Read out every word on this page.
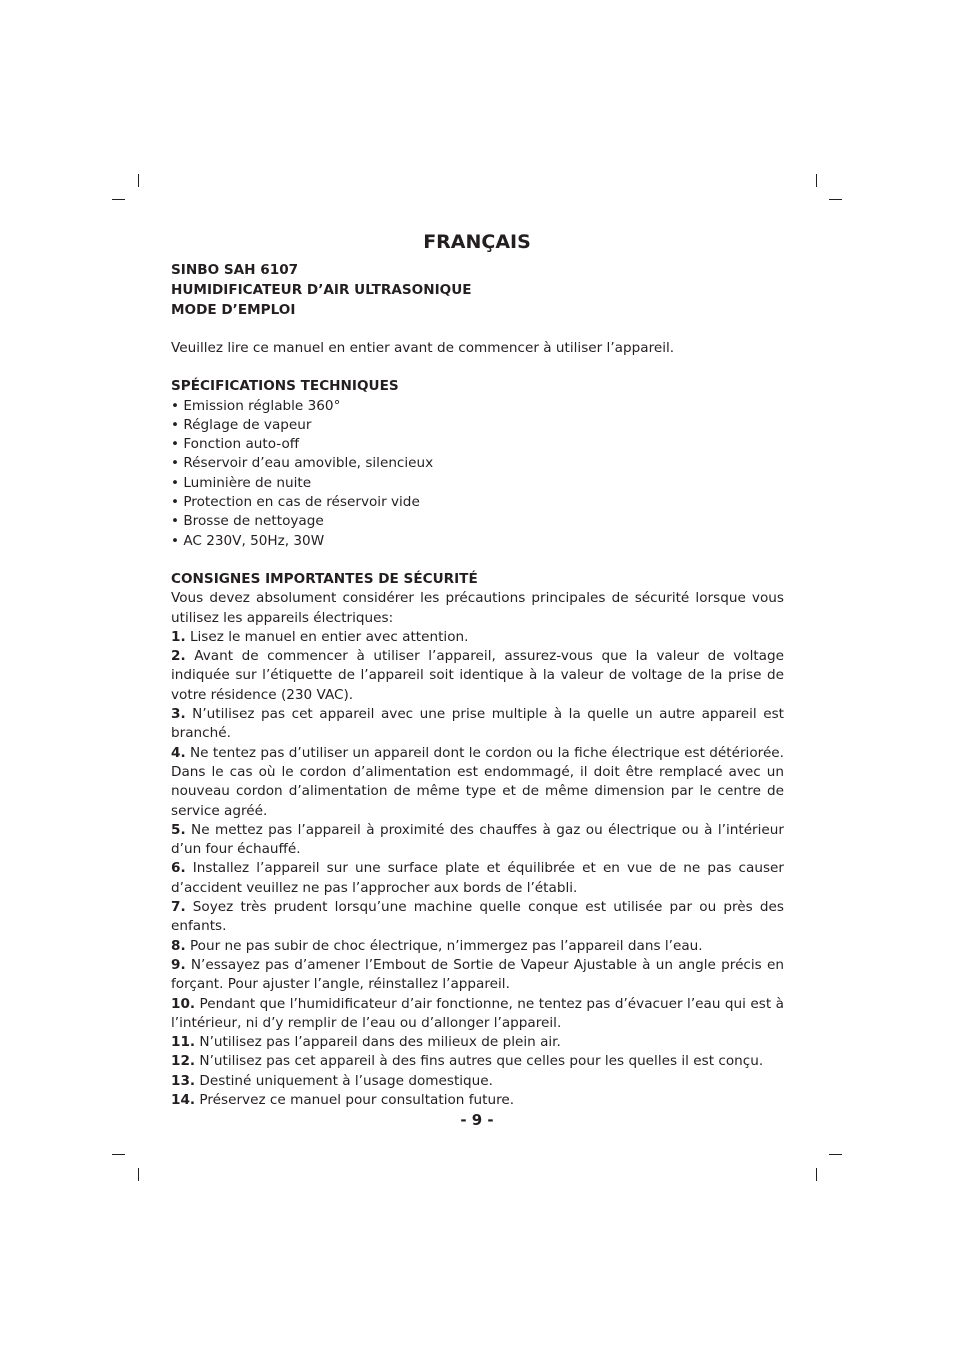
FRANÇAIS
SINBO SAH 6107
HUMIDIFICATEUR D’AIR ULTRASONIQUE
MODE D’EMPLOI

Veuillez lire ce manuel en entier avant de commencer à utiliser l’appareil.

SPÉCIFICATIONS TECHNIQUES
• Emission réglable 360°
• Réglage de vapeur
• Fonction auto-off
• Réservoir d’eau amovible, silencieux
• Luminière de nuite
• Protection en cas de réservoir vide
• Brosse de nettoyage
• AC 230V, 50Hz, 30W
CONSIGNES IMPORTANTES DE SÉCURITÉ
Vous devez absolument considérer les précautions principales de sécurité lorsque vous utilisez les appareils électriques:
1. Lisez le manuel en entier avec attention.
2. Avant de commencer à utiliser l’appareil, assurez-vous que la valeur de voltage indiquée sur l’étiquette de l’appareil soit identique à la valeur de voltage de la prise de votre résidence (230 VAC).
3. N’utilisez pas cet appareil avec une prise multiple à la quelle un autre appareil est branché.
4. Ne tentez pas d’utiliser un appareil dont le cordon ou la fiche électrique est détériorée. Dans le cas où le cordon d’alimentation est endommagé, il doit être remplacé avec un nouveau cordon d’alimentation de même type et de même dimension par le centre de service agréé.
5. Ne mettez pas l’appareil à proximité des chauffes à gaz ou électrique ou à l’intérieur d’un four échauffé.
6. Installez l’appareil sur une surface plate et équilibrée et en vue de ne pas causer d’accident veuillez ne pas l’approcher aux bords de l’établi.
7. Soyez très prudent lorsqu’une machine quelle conque est utilisée par ou près des enfants.
8. Pour ne pas subir de choc électrique, n’immergez pas l’appareil dans l’eau.
9. N’essayez pas d’amener l’Embout de Sortie de Vapeur Ajustable à un angle précis en forçant. Pour ajuster l’angle, réinstallez l’appareil.
10. Pendant que l’humidificateur d’air fonctionne, ne tentez pas d’évacuer l’eau qui est à l’intérieur, ni d’y remplir de l’eau ou d’allonger l’appareil.
11. N’utilisez pas l’appareil dans des milieux de plein air.
12. N’utilisez pas cet appareil à des fins autres que celles pour les quelles il est conçu.
13. Destiné uniquement à l’usage domestique.
14. Préservez ce manuel pour consultation future.
- 9 -
